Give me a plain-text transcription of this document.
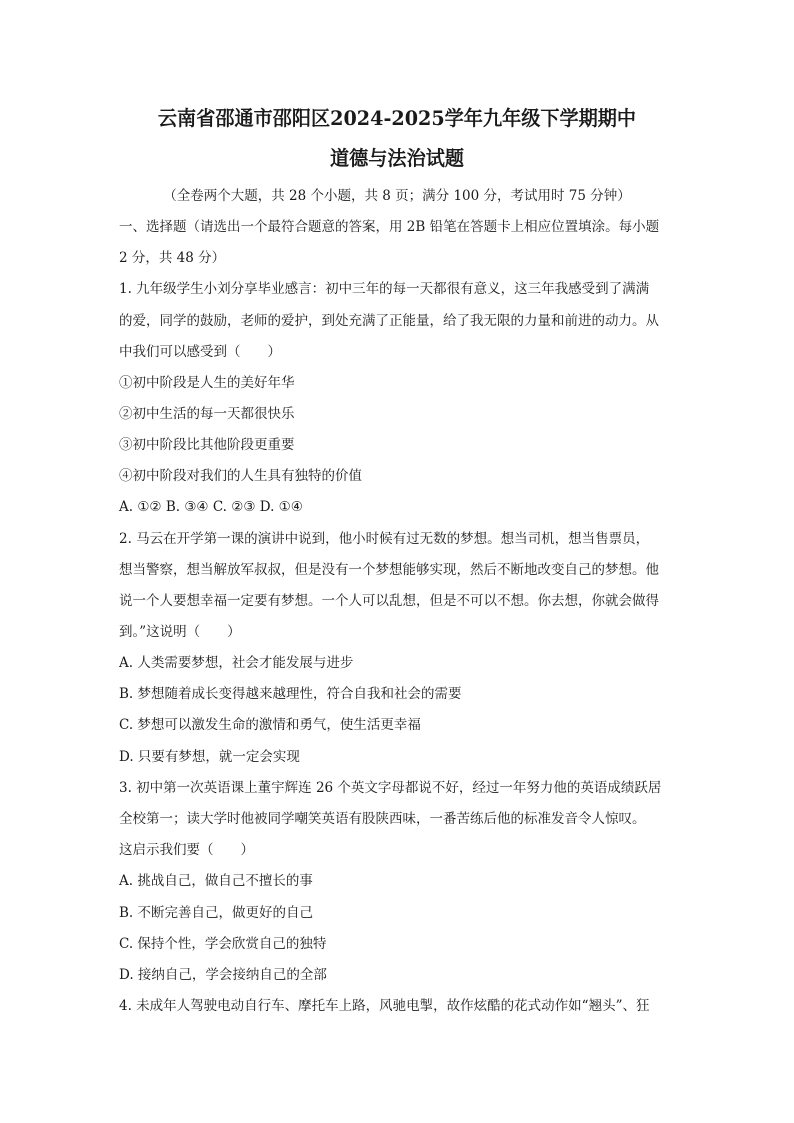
云南省邵通市邵阳区2024-2025学年九年级下学期期中
道德与法治试题
（全卷两个大题，共 28 个小题，共 8 页；满分 100 分，考试用时 75 分钟）
一、选择题（请选出一个最符合题意的答案，用 2B 铅笔在答题卡上相应位置填涂。每小题
2 分，共 48 分）
1. 九年级学生小刘分享毕业感言：初中三年的每一天都很有意义，这三年我感受到了满满
的爱，同学的鼓励，老师的爱护，到处充满了正能量，给了我无限的力量和前进的动力。从
中我们可以感受到（　　）
①初中阶段是人生的美好年华
②初中生活的每一天都很快乐
③初中阶段比其他阶段更重要
④初中阶段对我们的人生具有独特的价值
A. ①② B. ③④ C. ②③ D. ①④
2. 马云在开学第一课的演讲中说到，他小时候有过无数的梦想。想当司机，想当售票员，
想当警察，想当解放军叔叔，但是没有一个梦想能够实现，然后不断地改变自己的梦想。他
说一个人要想幸福一定要有梦想。一个人可以乱想，但是不可以不想。你去想，你就会做得
到。”这说明（　　）
A. 人类需要梦想，社会才能发展与进步
B. 梦想随着成长变得越来越理性，符合自我和社会的需要
C. 梦想可以激发生命的激情和勇气，使生活更幸福
D. 只要有梦想，就一定会实现
3. 初中第一次英语课上董宇辉连 26 个英文字母都说不好，经过一年努力他的英语成绩跃居
全校第一；读大学时他被同学嘲笑英语有股陕西味，一番苦练后他的标准发音令人惊叹。
这启示我们要（　　）
A. 挑战自己，做自己不擅长的事
B. 不断完善自己，做更好的自己
C. 保持个性，学会欣赏自己的独特
D. 接纳自己，学会接纳自己的全部
4. 未成年人驾驶电动自行车、摩托车上路，风驰电掣，故作炫酷的花式动作如“翘头”、狂
